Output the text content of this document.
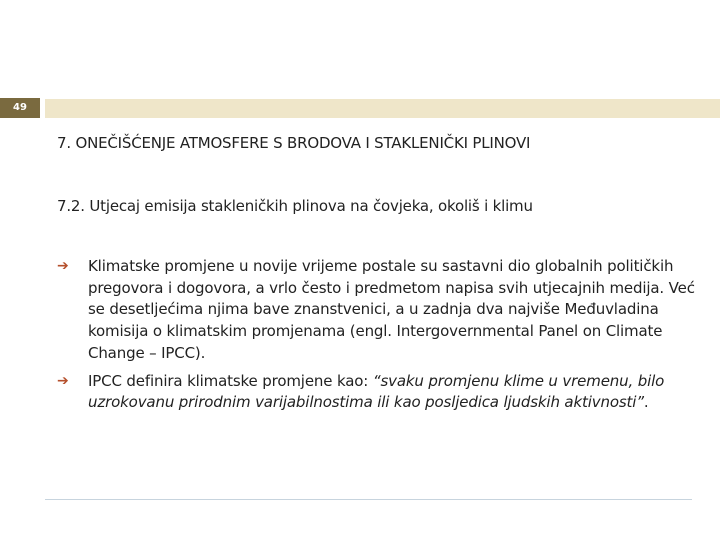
49
7. ONEČIŠĆENJE ATMOSFERE S BRODOVA I STAKLENIČKI PLINOVI
7.2. Utjecaj emisija stakleničkih plinova na čovjeka, okoliš i klimu
➔ Klimatske promjene u novije vrijeme postale su sastavni dio globalnih političkih pregovora i dogovora, a vrlo često i predmetom napisa svih utjecajnih medija. Već se desetljećima njima bave znanstvenici, a u zadnja dva najviše Međuvladina komisija o klimatskim promjenama (engl. Intergovernmental Panel on Climate Change – IPCC).
➔ IPCC definira klimatske promjene kao: “svaku promjenu klime u vremenu, bilo uzrokovanu prirodnim varijabilnostima ili kao posljedica ljudskih aktivnosti”.
